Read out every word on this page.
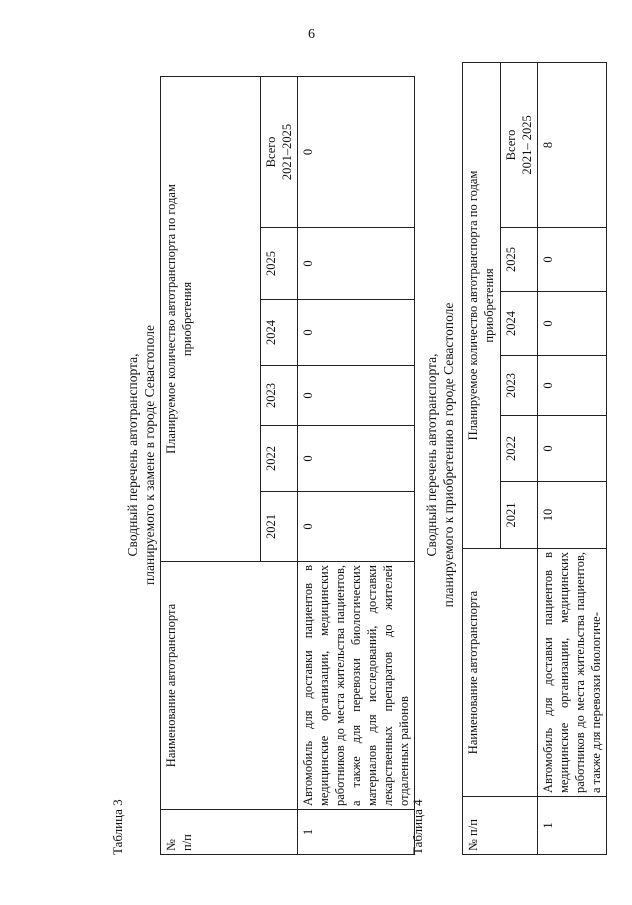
6
Таблица 3
Сводный перечень автотранспорта, планируемого к замене в городе Севастополе
№
п/п	Наименование автотранспорта	Планируемое количество автотранспорта по годам
приобретения					
		2021	2022	2023	2024	2025	Всего
2021–2025
1	Автомобиль для доставки пациентов в медицинские организации, медицинских работников до места жительства пациентов, а также для перевозки биологических материалов для исследований, доставки лекарственных препаратов до жителей отдаленных районов	0	0	0	0	0	0
Таблица 4
Сводный перечень автотранспорта, планируемого к приобретению в городе Севастополе
№ п/п	Наименование автотранспорта	Планируемое количество автотранспорта по годам
приобретения					
		2021	2022	2023	2024	2025	Всего
2021– 2025
1	Автомобиль для доставки пациентов в медицинские организации, медицинских работников до места жительства пациентов, а также для перевозки биологиче-	10	0	0	0	0	8
